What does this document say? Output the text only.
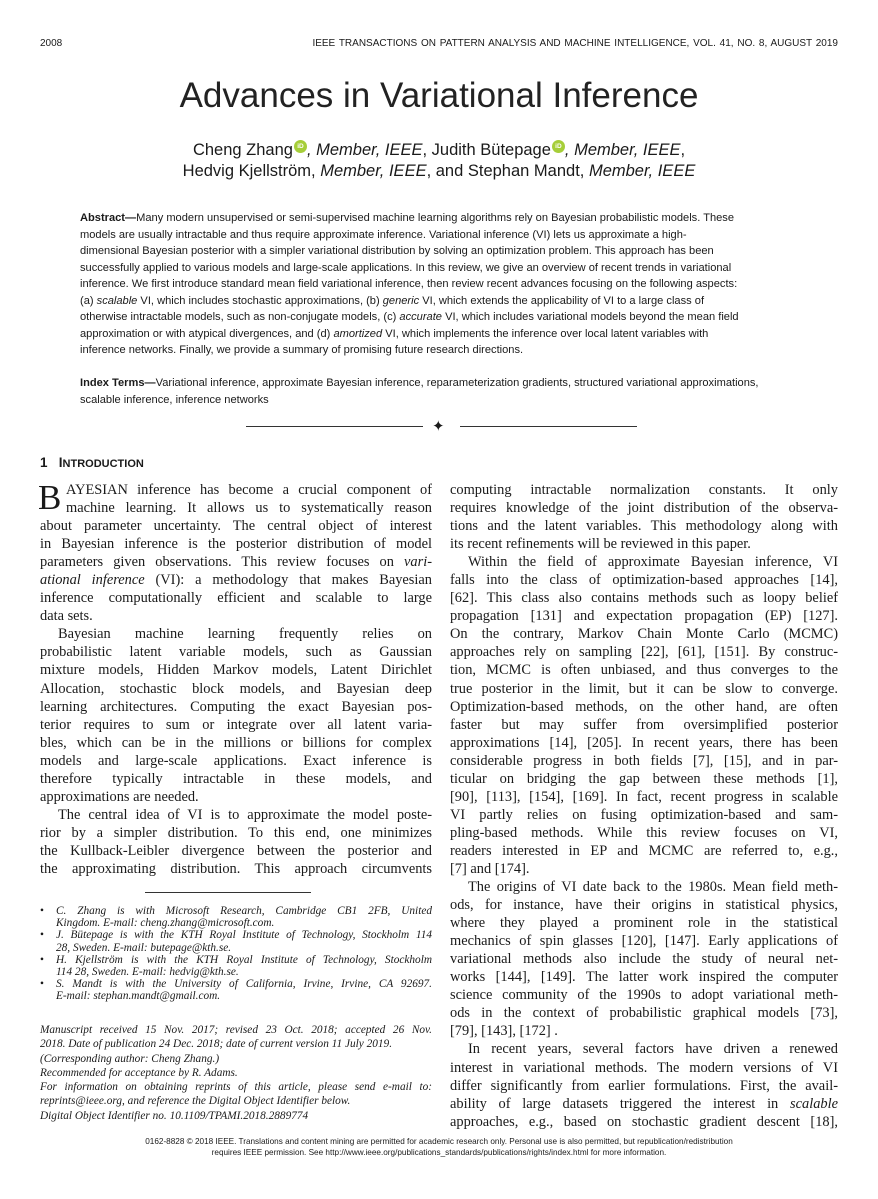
2008	IEEE TRANSACTIONS ON PATTERN ANALYSIS AND MACHINE INTELLIGENCE, VOL. 41, NO. 8, AUGUST 2019
Advances in Variational Inference
Cheng Zhang iD , Member, IEEE, Judith Bütepage iD , Member, IEEE,
Hedvig Kjellström, Member, IEEE, and Stephan Mandt, Member, IEEE
Abstract—Many modern unsupervised or semi-supervised machine learning algorithms rely on Bayesian probabilistic models. These
models are usually intractable and thus require approximate inference. Variational inference (VI) lets us approximate a high-
dimensional Bayesian posterior with a simpler variational distribution by solving an optimization problem. This approach has been
successfully applied to various models and large-scale applications. In this review, we give an overview of recent trends in variational
inference. We first introduce standard mean field variational inference, then review recent advances focusing on the following aspects:
(a) scalable VI, which includes stochastic approximations, (b) generic VI, which extends the applicability of VI to a large class of
otherwise intractable models, such as non-conjugate models, (c) accurate VI, which includes variational models beyond the mean field
approximation or with atypical divergences, and (d) amortized VI, which implements the inference over local latent variables with
inference networks. Finally, we provide a summary of promising future research directions.
Index Terms—Variational inference, approximate Bayesian inference, reparameterization gradients, structured variational approximations,
scalable inference, inference networks
✦
1 INTRODUCTION
B AYESIAN inference has become a crucial component of
machine learning. It allows us to systematically reason
about parameter uncertainty. The central object of interest
in Bayesian inference is the posterior distribution of model
parameters given observations. This review focuses on vari-
ational inference (VI): a methodology that makes Bayesian
inference computationally efficient and scalable to large
data sets.
Bayesian machine learning frequently relies on
probabilistic latent variable models, such as Gaussian
mixture models, Hidden Markov models, Latent Dirichlet
Allocation, stochastic block models, and Bayesian deep
learning architectures. Computing the exact Bayesian pos-
terior requires to sum or integrate over all latent varia-
bles, which can be in the millions or billions for complex
models and large-scale applications. Exact inference is
therefore typically intractable in these models, and
approximations are needed.
The central idea of VI is to approximate the model poste-
rior by a simpler distribution. To this end, one minimizes
the Kullback-Leibler divergence between the posterior and
the approximating distribution. This approach circumvents
computing intractable normalization constants. It only
requires knowledge of the joint distribution of the observa-
tions and the latent variables. This methodology along with
its recent refinements will be reviewed in this paper.
Within the field of approximate Bayesian inference, VI
falls into the class of optimization-based approaches [14],
[62]. This class also contains methods such as loopy belief
propagation [131] and expectation propagation (EP) [127].
On the contrary, Markov Chain Monte Carlo (MCMC)
approaches rely on sampling [22], [61], [151]. By construc-
tion, MCMC is often unbiased, and thus converges to the
true posterior in the limit, but it can be slow to converge.
Optimization-based methods, on the other hand, are often
faster but may suffer from oversimplified posterior
approximations [14], [205]. In recent years, there has been
considerable progress in both fields [7], [15], and in par-
ticular on bridging the gap between these methods [1],
[90], [113], [154], [169]. In fact, recent progress in scalable
VI partly relies on fusing optimization-based and sam-
pling-based methods. While this review focuses on VI,
readers interested in EP and MCMC are referred to, e.g.,
[7] and [174].
The origins of VI date back to the 1980s. Mean field meth-
ods, for instance, have their origins in statistical physics,
where they played a prominent role in the statistical
mechanics of spin glasses [120], [147]. Early applications of
variational methods also include the study of neural net-
works [144], [149]. The latter work inspired the computer
science community of the 1990s to adopt variational meth-
ods in the context of probabilistic graphical models [73],
[79], [143], [172] .
In recent years, several factors have driven a renewed
interest in variational methods. The modern versions of VI
differ significantly from earlier formulations. First, the avail-
ability of large datasets triggered the interest in scalable
approaches, e.g., based on stochastic gradient descent [18],
• C. Zhang is with Microsoft Research, Cambridge CB1 2FB, United
Kingdom. E-mail: cheng.zhang@microsoft.com.
• J. Bütepage is with the KTH Royal Institute of Technology, Stockholm 114
28, Sweden. E-mail: butepage@kth.se.
• H. Kjellström is with the KTH Royal Institute of Technology, Stockholm
114 28, Sweden. E-mail: hedvig@kth.se.
• S. Mandt is with the University of California, Irvine, Irvine, CA 92697.
E-mail: stephan.mandt@gmail.com.
Manuscript received 15 Nov. 2017; revised 23 Oct. 2018; accepted 26 Nov.
2018. Date of publication 24 Dec. 2018; date of current version 11 July 2019.
(Corresponding author: Cheng Zhang.)
Recommended for acceptance by R. Adams.
For information on obtaining reprints of this article, please send e-mail to:
reprints@ieee.org, and reference the Digital Object Identifier below.
Digital Object Identifier no. 10.1109/TPAMI.2018.2889774
0162-8828 © 2018 IEEE. Translations and content mining are permitted for academic research only. Personal use is also permitted, but republication/redistribution
requires IEEE permission. See http://www.ieee.org/publications_standards/publications/rights/index.html for more information.
